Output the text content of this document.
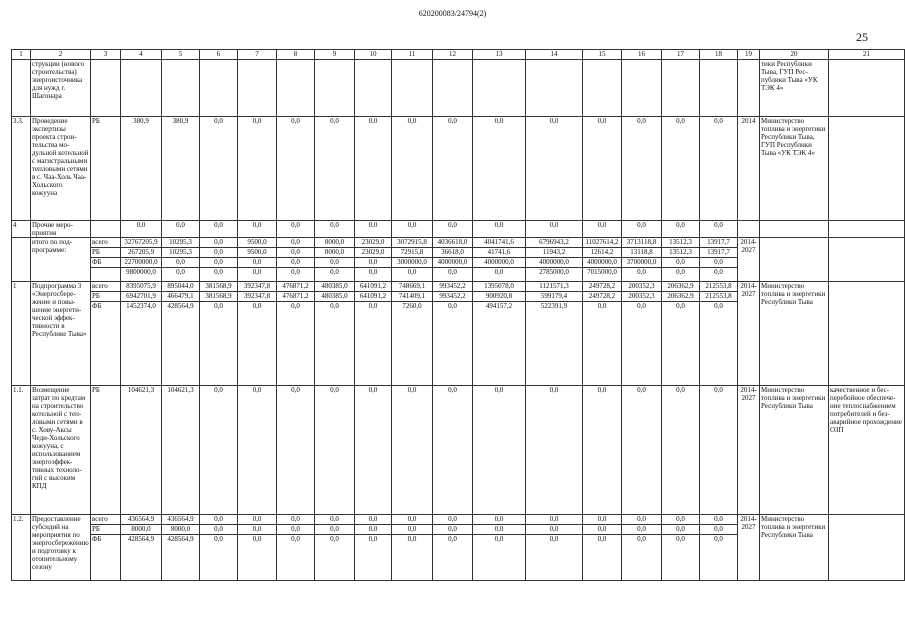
620200083/24794(2)
25
1	2	3	4	5	6	7	8	9	10	11	12	13	14	15	16	17	18	19	20	21
	струкции (нового строительства) энергоисточника для нужд г. Шагонара																		тики Республики Тыва, ГУП Республики Тыва «УК ТЭК 4»	
3.3.	Проведение экспертизы проекта строительства модульной котельной с магистральными тепловыми сетями в с. Чаа-Холь Чаа-Хольского кожууна	РБ	380,9	380,9	0,0	0,0	0,0	0,0	0,0	0,0	0,0	0,0	0,0	0,0	0,0	0,0	0,0	2014	Министерство топлива и энергетики Республики Тыва, ГУП Республики Тыва «УК ТЭК 4»	
4	Прочие мероприятия		0,0	0,0	0,0	0,0	0,0	0,0	0,0	0,0	0,0	0,0	0,0	0,0	0,0	0,0	0,0			
	итого по подпрограмме:	всего	32767205,9	10295,3	0,0	9500,0	0,0	8000,0	23029,0	3072915,8	4036618,0	4041741,6	6796943,2	11027614,2	3713118,8	13512,3	13917,7	2014-2027		
		РБ	267205,9	10295,3	0,0	9500,0	0,0	8000,0	23029,0	72915,8	36618,0	41741,6	11943,2	12614,2	13118,8	13512,3	13917,7			
		ФБ	22700000,0	0,0	0,0	0,0	0,0	0,0	0,0	3000000,0	4000000,0	4000000,0	4000000,0	4000000,0	3700000,0	0,0	0,0			
			9800000,0	0,0	0,0	0,0	0,0	0,0	0,0	0,0	0,0	0,0	2785000,0	7015000,0	0,0	0,0	0,0			
1	Подпрограмма 3 «Энергосбережение и повышение энергетической эффективности в Республике Тыва»	всего	8395075,9	895044,0	381568,9	392347,8	476871,2	480385,0	641091,2	748669,1	993452,2	1395078,0	1121571,3	249728,2	200352,3	206362,9	212553,8	2014-2027	Министерство топлива и энергетики Республики Тыва	
		РБ	6942701,9	466479,1	381568,9	392347,8	476871,2	480385,0	641091,2	741409,1	993452,2	900920,8	599179,4	249728,2	200352,3	206362,9	212553,8			
		ФБ	1452374,0	428564,9	0,0	0,0	0,0	0,0	0,0	7260,0	0,0	494157,2	522391,9	0,0	0,0	0,0	0,0			
1.1.	Возмещение затрат по кредтам на строительство котельной с тепловыми сетями в с. Хову-Аксы Чеди-Хольского кожууна, с использованием энергоэффективных технологий с высоким КПД	РБ	104621,3	104621,3	0,0	0,0	0,0	0,0	0,0	0,0	0,0	0,0	0,0	0,0	0,0	0,0	0,0	2014-2027	Министерство топлива и энергетики Республики Тыва	качественное и бесперебойное обеспечение теплоснабжением потребителей и безаварийное прохождение ОЗП
1.2.	Предоставление субсидий на мероприятия по энергосбережению и подготовку к отопительному сезону	всего	436564,9	436564,9	0,0	0,0	0,0	0,0	0,0	0,0	0,0	0,0	0,0	0,0	0,0	0,0	0,0	2014-2027	Министерство топлива и энергетики Республики Тыва	
		РБ	8000,0	8000,0	0,0	0,0	0,0	0,0	0,0	0,0	0,0	0,0	0,0	0,0	0,0	0,0	0,0			
		ФБ	428564,9	428564,9	0,0	0,0	0,0	0,0	0,0	0,0	0,0	0,0	0,0	0,0	0,0	0,0	0,0			
